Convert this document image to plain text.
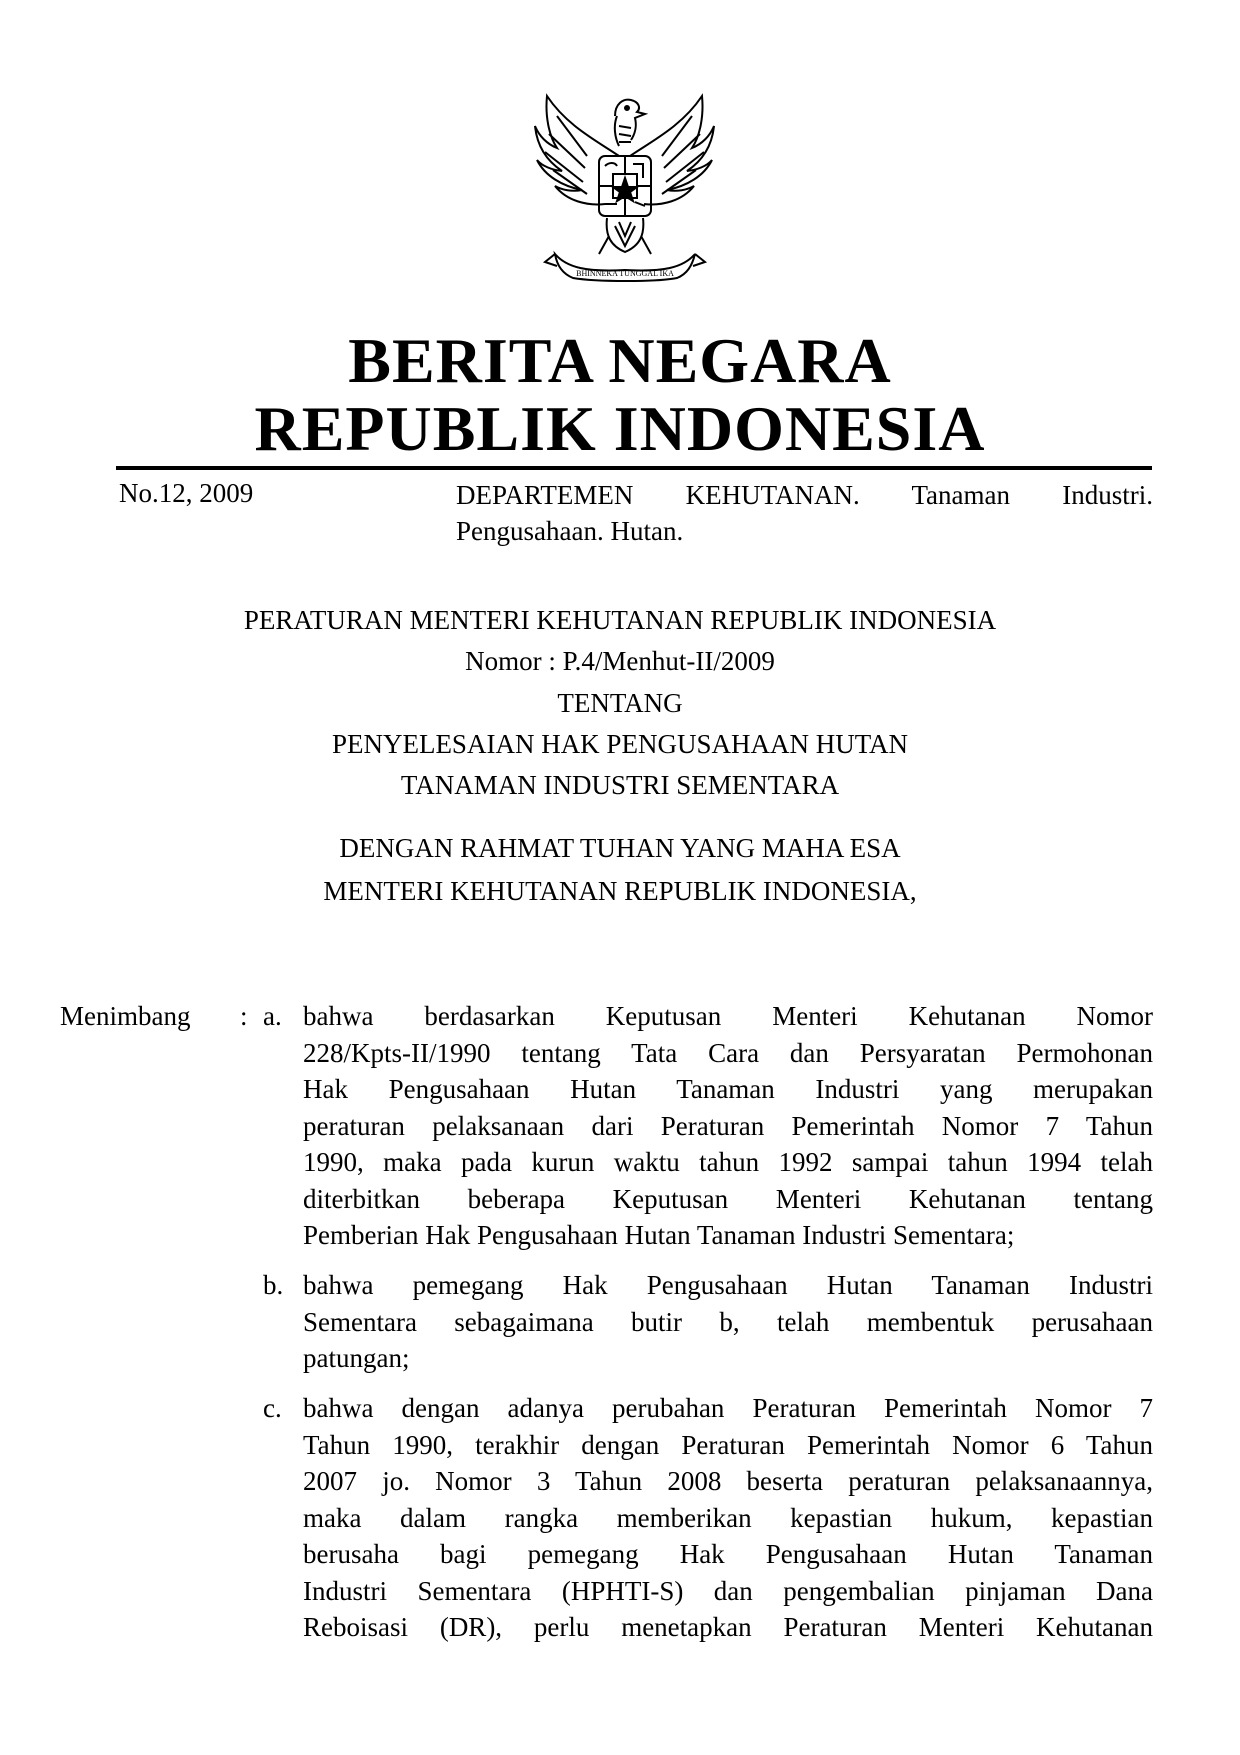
BHINNEKA TUNGGAL IKA
BERITA NEGARA
REPUBLIK INDONESIA
No.12, 2009	DEPARTEMEN KEHUTANAN. Tanaman Industri.
Pengusahaan. Hutan.
PERATURAN MENTERI KEHUTANAN REPUBLIK INDONESIA
Nomor : P.4/Menhut-II/2009
TENTANG
PENYELESAIAN HAK PENGUSAHAAN HUTAN
TANAMAN INDUSTRI SEMENTARA
DENGAN RAHMAT TUHAN YANG MAHA ESA
MENTERI KEHUTANAN REPUBLIK INDONESIA,
Menimbang : a. bahwa berdasarkan Keputusan Menteri Kehutanan Nomor
228/Kpts-II/1990 tentang Tata Cara dan Persyaratan Permohonan
Hak Pengusahaan Hutan Tanaman Industri yang merupakan
peraturan pelaksanaan dari Peraturan Pemerintah Nomor 7 Tahun
1990, maka pada kurun waktu tahun 1992 sampai tahun 1994 telah
diterbitkan beberapa Keputusan Menteri Kehutanan tentang
Pemberian Hak Pengusahaan Hutan Tanaman Industri Sementara;
b. bahwa pemegang Hak Pengusahaan Hutan Tanaman Industri
Sementara sebagaimana butir b, telah membentuk perusahaan
patungan;
c. bahwa dengan adanya perubahan Peraturan Pemerintah Nomor 7
Tahun 1990, terakhir dengan Peraturan Pemerintah Nomor 6 Tahun
2007 jo. Nomor 3 Tahun 2008 beserta peraturan pelaksanaannya,
maka dalam rangka memberikan kepastian hukum, kepastian
berusaha bagi pemegang Hak Pengusahaan Hutan Tanaman
Industri Sementara (HPHTI-S) dan pengembalian pinjaman Dana
Reboisasi (DR), perlu menetapkan Peraturan Menteri Kehutanan
